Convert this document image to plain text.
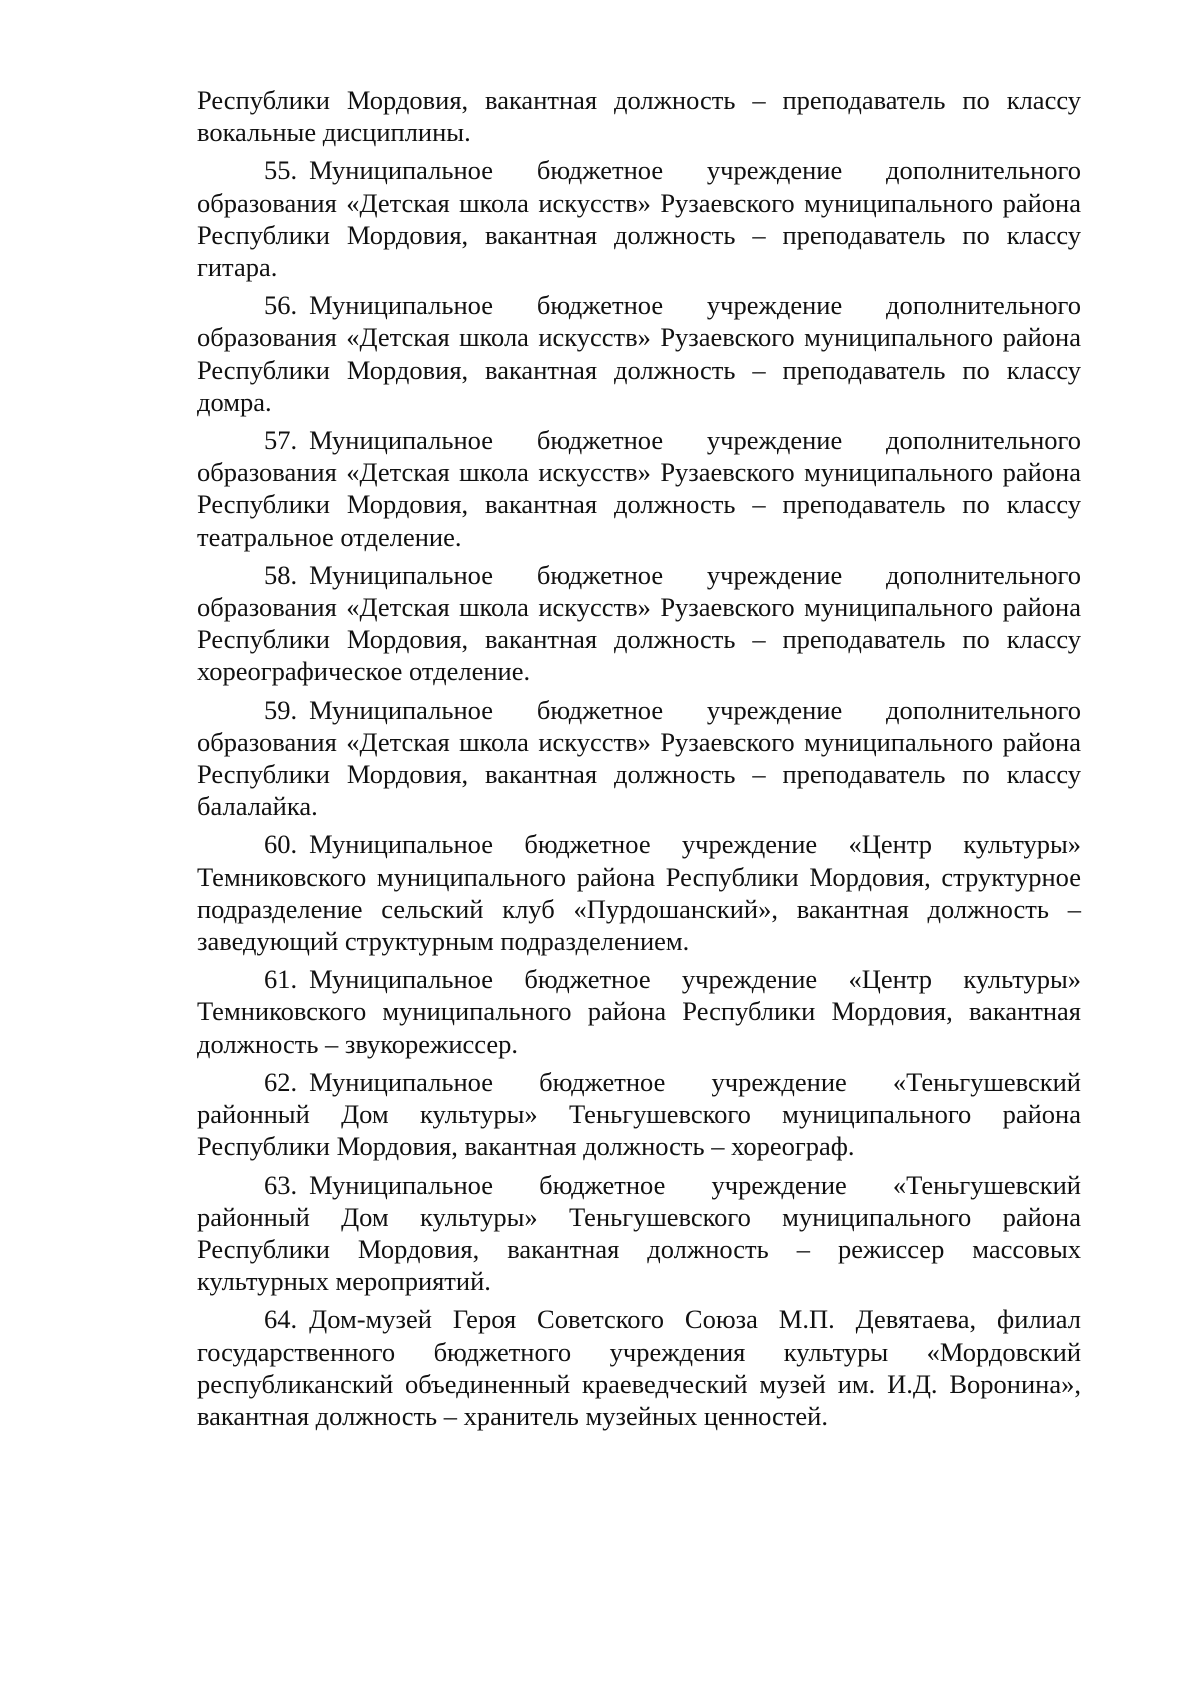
Республики Мордовия, вакантная должность – преподаватель по классу вокальные дисциплины.

55. Муниципальное бюджетное учреждение дополнительного образования «Детская школа искусств» Рузаевского муниципального района Республики Мордовия, вакантная должность – преподаватель по классу гитара.

56. Муниципальное бюджетное учреждение дополнительного образования «Детская школа искусств» Рузаевского муниципального района Республики Мордовия, вакантная должность – преподаватель по классу домра.

57. Муниципальное бюджетное учреждение дополнительного образования «Детская школа искусств» Рузаевского муниципального района Республики Мордовия, вакантная должность – преподаватель по классу театральное отделение.

58. Муниципальное бюджетное учреждение дополнительного образования «Детская школа искусств» Рузаевского муниципального района Республики Мордовия, вакантная должность – преподаватель по классу хореографическое отделение.

59. Муниципальное бюджетное учреждение дополнительного образования «Детская школа искусств» Рузаевского муниципального района Республики Мордовия, вакантная должность – преподаватель по классу балалайка.

60. Муниципальное бюджетное учреждение «Центр культуры» Темниковского муниципального района Республики Мордовия, структурное подразделение сельский клуб «Пурдошанский», вакантная должность – заведующий структурным подразделением.

61. Муниципальное бюджетное учреждение «Центр культуры» Темниковского муниципального района Республики Мордовия, вакантная должность – звукорежиссер.

62. Муниципальное бюджетное учреждение «Теньгушевский районный Дом культуры» Теньгушевского муниципального района Республики Мордовия, вакантная должность – хореограф.

63. Муниципальное бюджетное учреждение «Теньгушевский районный Дом культуры» Теньгушевского муниципального района Республики Мордовия, вакантная должность – режиссер массовых культурных мероприятий.

64. Дом-музей Героя Советского Союза М.П. Девятаева, филиал государственного бюджетного учреждения культуры «Мордовский республиканский объединенный краеведческий музей им. И.Д. Воронина», вакантная должность – хранитель музейных ценностей.
